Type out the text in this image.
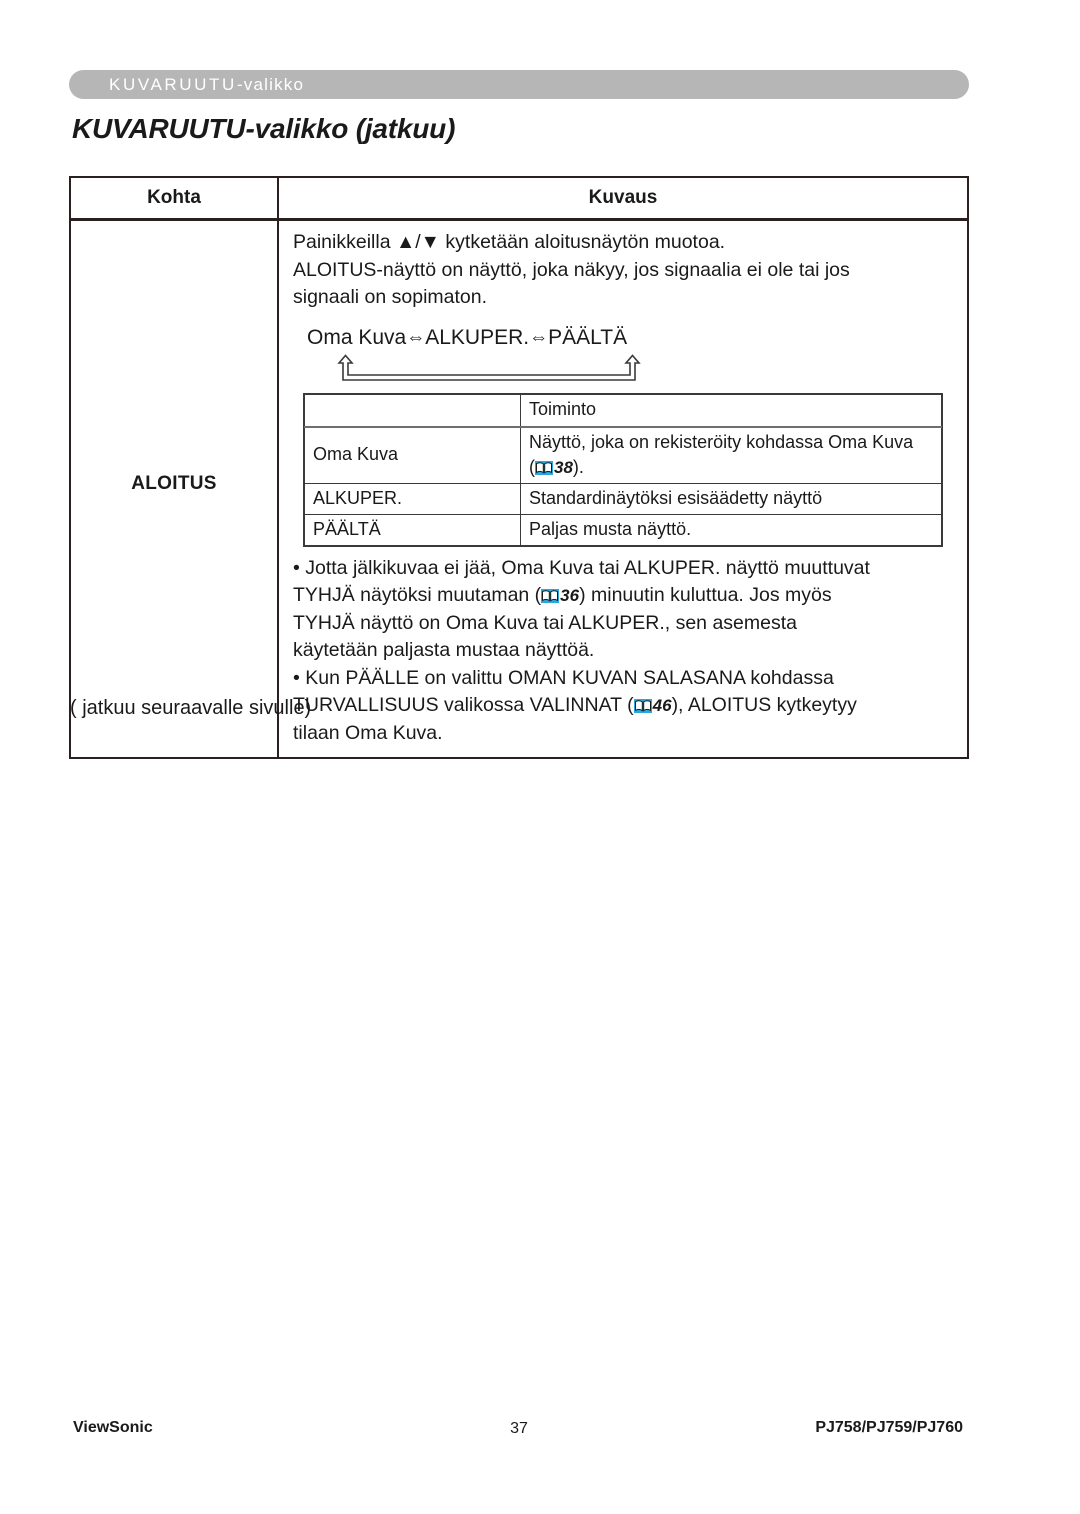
KUVARUUTU-valikko
KUVARUUTU-valikko (jatkuu)
Kohta	Kuvaus
ALOITUS
Painikkeilla ▲/▼ kytketään aloitusnäytön muotoa.
ALOITUS-näyttö on näyttö, joka näkyy, jos signaalia ei ole tai jos
signaali on sopimaton.
Oma Kuva⇔ALKUPER.⇔PÄÄLTÄ
	Toiminto
Oma Kuva	Näyttö, joka on rekisteröity kohdassa Oma Kuva
( 38).
ALKUPER.	Standardinäytöksi esisäädetty näyttö
PÄÄLTÄ	Paljas musta näyttö.

• Jotta jälkikuvaa ei jää, Oma Kuva tai ALKUPER. näyttö muuttuvat

TYHJÄ näytöksi muutaman ( 36) minuutin kuluttua. Jos myös

TYHJÄ näyttö on Oma Kuva tai ALKUPER., sen asemesta

käytetään paljasta mustaa näyttöä.

• Kun PÄÄLLE on valittu OMAN KUVAN SALASANA kohdassa

TURVALLISUUS valikossa VALINNAT ( 46), ALOITUS kytkeytyy

tilaan Oma Kuva.

( jatkuu seuraavalle sivulle)
ViewSonic	37	PJ758/PJ759/PJ760
